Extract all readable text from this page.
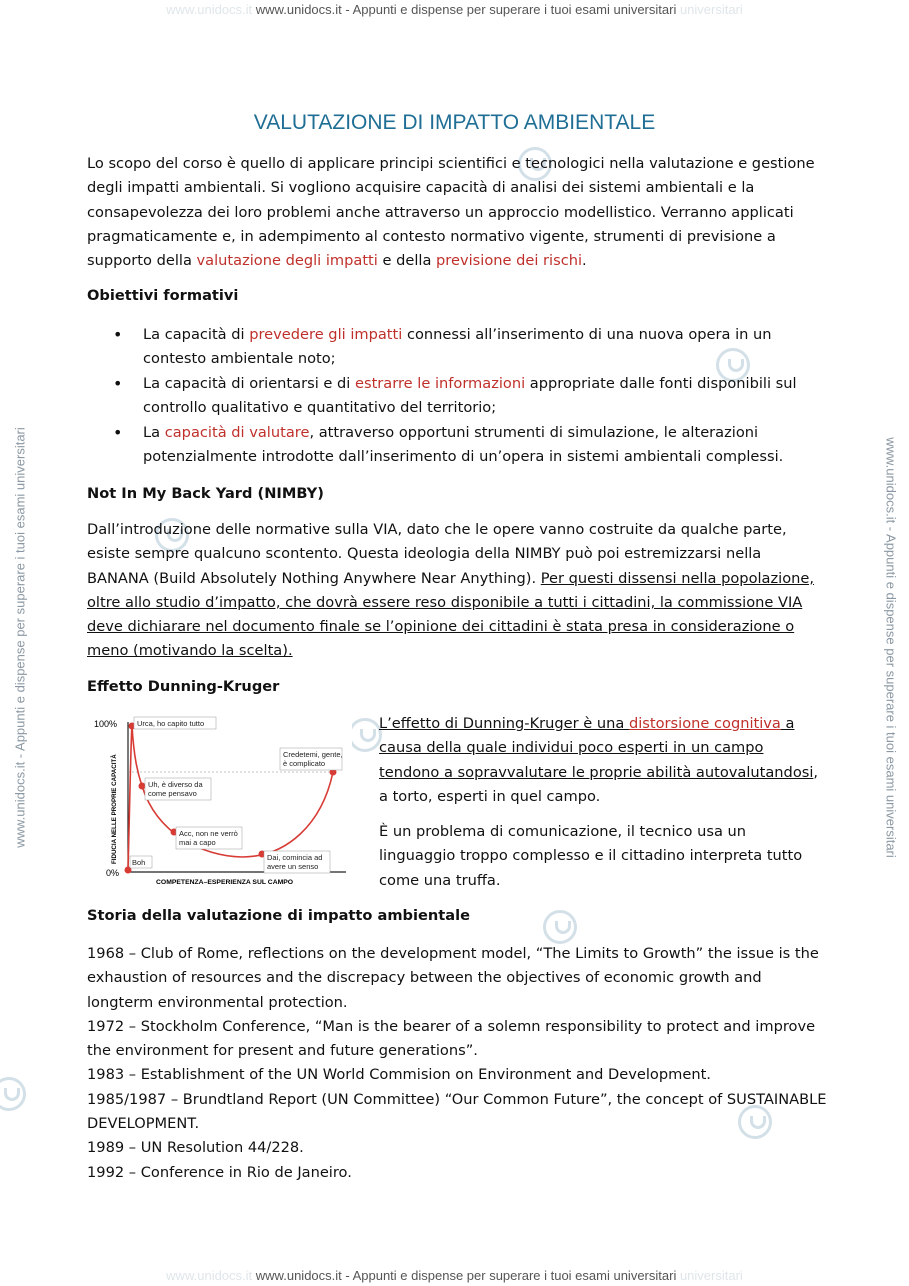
www.unidocs.it www.unidocs.it - Appunti e dispense per superare i tuoi esami universitari universitari
www.unidocs.it - Appunti e dispense per superare i tuoi esami universitari	www.unidocs.it - Appunti e dispense per superare i tuoi esami universitari
VALUTAZIONE DI IMPATTO AMBIENTALE

Lo scopo del corso è quello di applicare principi scientifici e tecnologici nella valutazione e gestione degli impatti ambientali. Si vogliono acquisire capacità di analisi dei sistemi ambientali e la consapevolezza dei loro problemi anche attraverso un approccio modellistico. Verranno applicati pragmaticamente e, in adempimento al contesto normativo vigente, strumenti di previsione a supporto della valutazione degli impatti e della previsione dei rischi.

Obiettivi formativi
• La capacità di prevedere gli impatti connessi all’inserimento di una nuova opera in un contesto ambientale noto;
• La capacità di orientarsi e di estrarre le informazioni appropriate dalle fonti disponibili sul controllo qualitativo e quantitativo del territorio;
• La capacità di valutare, attraverso opportuni strumenti di simulazione, le alterazioni potenzialmente introdotte dall’inserimento di un’opera in sistemi ambientali complessi.
Not In My Back Yard (NIMBY)

Dall’introduzione delle normative sulla VIA, dato che le opere vanno costruite da qualche parte, esiste sempre qualcuno scontento. Questa ideologia della NIMBY può poi estremizzarsi nella BANANA (Build Absolutely Nothing Anywhere Near Anything). Per questi dissensi nella popolazione, oltre allo studio d’impatto, che dovrà essere reso disponibile a tutti i cittadini, la commissione VIA deve dichiarare nel documento finale se l’opinione dei cittadini è stata presa in considerazione o meno (motivando la scelta).

Effetto Dunning-Kruger
100%
0%
FIDUCIA NELLE PROPRIE CAPACITÀ
COMPETENZA–ESPERIENZA SUL CAMPO
Urca, ho capito tutto
Uh, è diverso da come pensavo
Acc, non ne verrò mai a capo
Dai, comincia ad avere un senso
Credetemi, gente, è complicato
Boh

L’effetto di Dunning-Kruger è una distorsione cognitiva a causa della quale individui poco esperti in un campo tendono a sopravvalutare le proprie abilità autovalutandosi, a torto, esperti in quel campo.

È un problema di comunicazione, il tecnico usa un linguaggio troppo complesso e il cittadino interpreta tutto come una truffa.

Storia della valutazione di impatto ambientale

1968 – Club of Rome, reflections on the development model, “The Limits to Growth” the issue is the exhaustion of resources and the discrepacy between the objectives of economic growth and longterm environmental protection.

1972 – Stockholm Conference, “Man is the bearer of a solemn responsibility to protect and improve the environment for present and future generations”.

1983 – Establishment of the UN World Commision on Environment and Development.

1985/1987 – Brundtland Report (UN Committee) “Our Common Future”, the concept of SUSTAINABLE DEVELOPMENT.

1989 – UN Resolution 44/228.

1992 – Conference in Rio de Janeiro.

www.unidocs.it www.unidocs.it - Appunti e dispense per superare i tuoi esami universitari universitari
